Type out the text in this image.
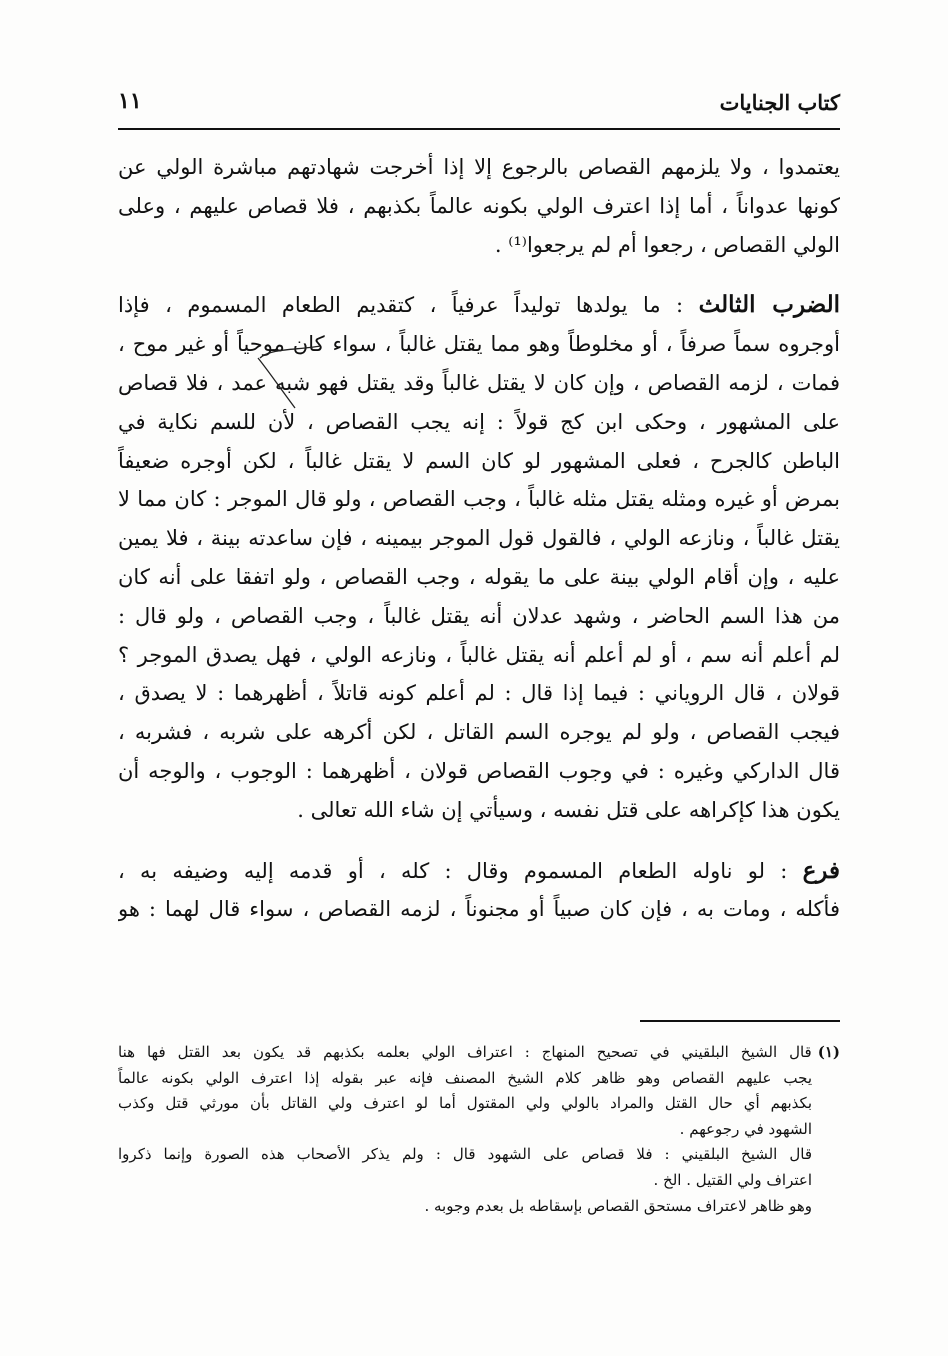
كتاب الجنايات
١١
يعتمدوا ، ولا يلزمهم القصاص بالرجوع إلا إذا أخرجت شهادتهم مباشرة الولي عن
كونها عدواناً ، أما إذا اعترف الولي بكونه عالماً بكذبهم ، فلا قصاص عليهم ، وعلى
الولي القصاص ، رجعوا أم لم يرجعوا⁽¹⁾ .
الضرب الثالث : ما يولدها توليداً عرفياً ، كتقديم الطعام المسموم ، فإذا
أوجروه سماً صرفاً ، أو مخلوطاً وهو مما يقتل غالباً ، سواء كان موحياً أو غير موح ،
فمات ، لزمه القصاص ، وإن كان لا يقتل غالباً وقد يقتل فهو شبه عمد ، فلا قصاص
على المشهور ، وحكى ابن كج قولاً : إنه يجب القصاص ، لأن للسم نكاية في
الباطن كالجرح ، فعلى المشهور لو كان السم لا يقتل غالباً ، لكن أوجره ضعيفاً
بمرض أو غيره ومثله يقتل مثله غالباً ، وجب القصاص ، ولو قال الموجر : كان مما لا
يقتل غالباً ، ونازعه الولي ، فالقول قول الموجر بيمينه ، فإن ساعدته بينة ، فلا يمين
عليه ، وإن أقام الولي بينة على ما يقوله ، وجب القصاص ، ولو اتفقا على أنه كان
من هذا السم الحاضر ، وشهد عدلان أنه يقتل غالباً ، وجب القصاص ، ولو قال :
لم أعلم أنه سم ، أو لم أعلم أنه يقتل غالباً ، ونازعه الولي ، فهل يصدق الموجر ؟
قولان ، قال الروياني : فيما إذا قال : لم أعلم كونه قاتلاً ، أظهرهما : لا يصدق ،
فيجب القصاص ، ولو لم يوجره السم القاتل ، لكن أكرهه على شربه ، فشربه ،
قال الداركي وغيره : في وجوب القصاص قولان ، أظهرهما : الوجوب ، والوجه أن
يكون هذا كإكراهه على قتل نفسه ، وسيأتي إن شاء الله تعالى .
فرع : لو ناوله الطعام المسموم وقال : كله ، أو قدمه إليه وضيفه به ،
فأكله ، ومات به ، فإن كان صبياً أو مجنوناً ، لزمه القصاص ، سواء قال لهما : هو
(١)قال الشيخ البلقيني في تصحيح المنهاج : اعتراف الولي بعلمه بكذبهم قد يكون بعد القتل فها هنا
يجب عليهم القصاص وهو ظاهر كلام الشيخ المصنف فإنه عبر بقوله إذا اعترف الولي بكونه عالماً
بكذبهم أي حال القتل والمراد بالولي ولي المقتول أما لو اعترف ولي القاتل بأن مورثي قتل وكذب
الشهود في رجوعهم .
قال الشيخ البلقيني : فلا قصاص على الشهود قال : ولم يذكر الأصحاب هذه الصورة وإنما ذكروا
اعتراف ولي القتيل . الخ .
وهو ظاهر لاعتراف مستحق القصاص بإسقاطه بل بعدم وجوبه .
